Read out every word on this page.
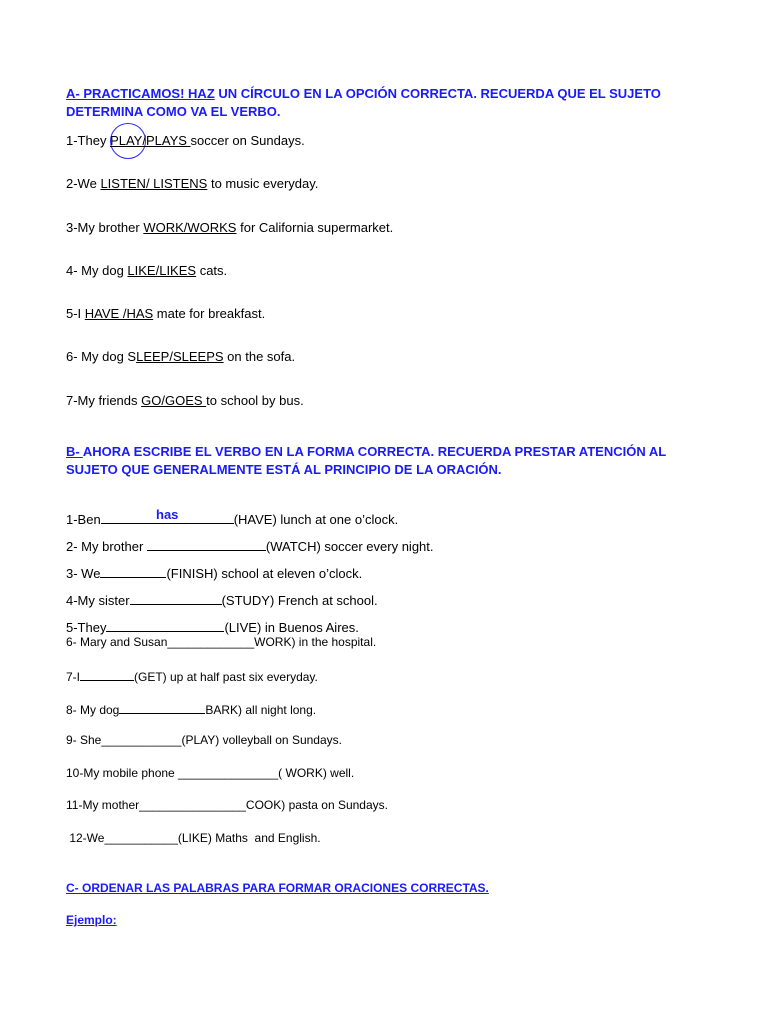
A- PRACTICAMOS! HAZ UN CÍRCULO EN LA OPCIÓN CORRECTA. RECUERDA QUE EL SUJETO DETERMINA COMO VA EL VERBO.
1-They PLAY/PLAYS soccer on Sundays.
2-We LISTEN/ LISTENS to music everyday.
3-My brother WORK/WORKS for California supermarket.
4- My dog LIKE/LIKES cats.
5-I HAVE /HAS mate for breakfast.
6- My dog SLEEP/SLEEPS on the sofa.
7-My friends GO/GOES to school by bus.
B- AHORA ESCRIBE EL VERBO EN LA FORMA CORRECTA. RECUERDA PRESTAR ATENCIÓN AL SUJETO QUE GENERALMENTE ESTÁ AL PRINCIPIO DE LA ORACIÓN.
1-Ben	has	(HAVE) lunch at one o’clock.
2- My brother	(WATCH) soccer every night.
3- We	(FINISH) school at eleven o’clock.
4-My sister	(STUDY) French at school.
5-They	(LIVE) in Buenos Aires.
6- Mary and Susan_____________WORK) in the hospital.
7-I	(GET) up at half past six everyday.
8- My dog	BARK) all night long.
9- She____________(PLAY) volleyball on Sundays.
10-My mobile phone _______________( WORK) well.
11-My mother________________COOK) pasta on Sundays.
12-We___________(LIKE) Maths  and English.
C- ORDENAR LAS PALABRAS PARA FORMAR ORACIONES CORRECTAS.
Ejemplo:
